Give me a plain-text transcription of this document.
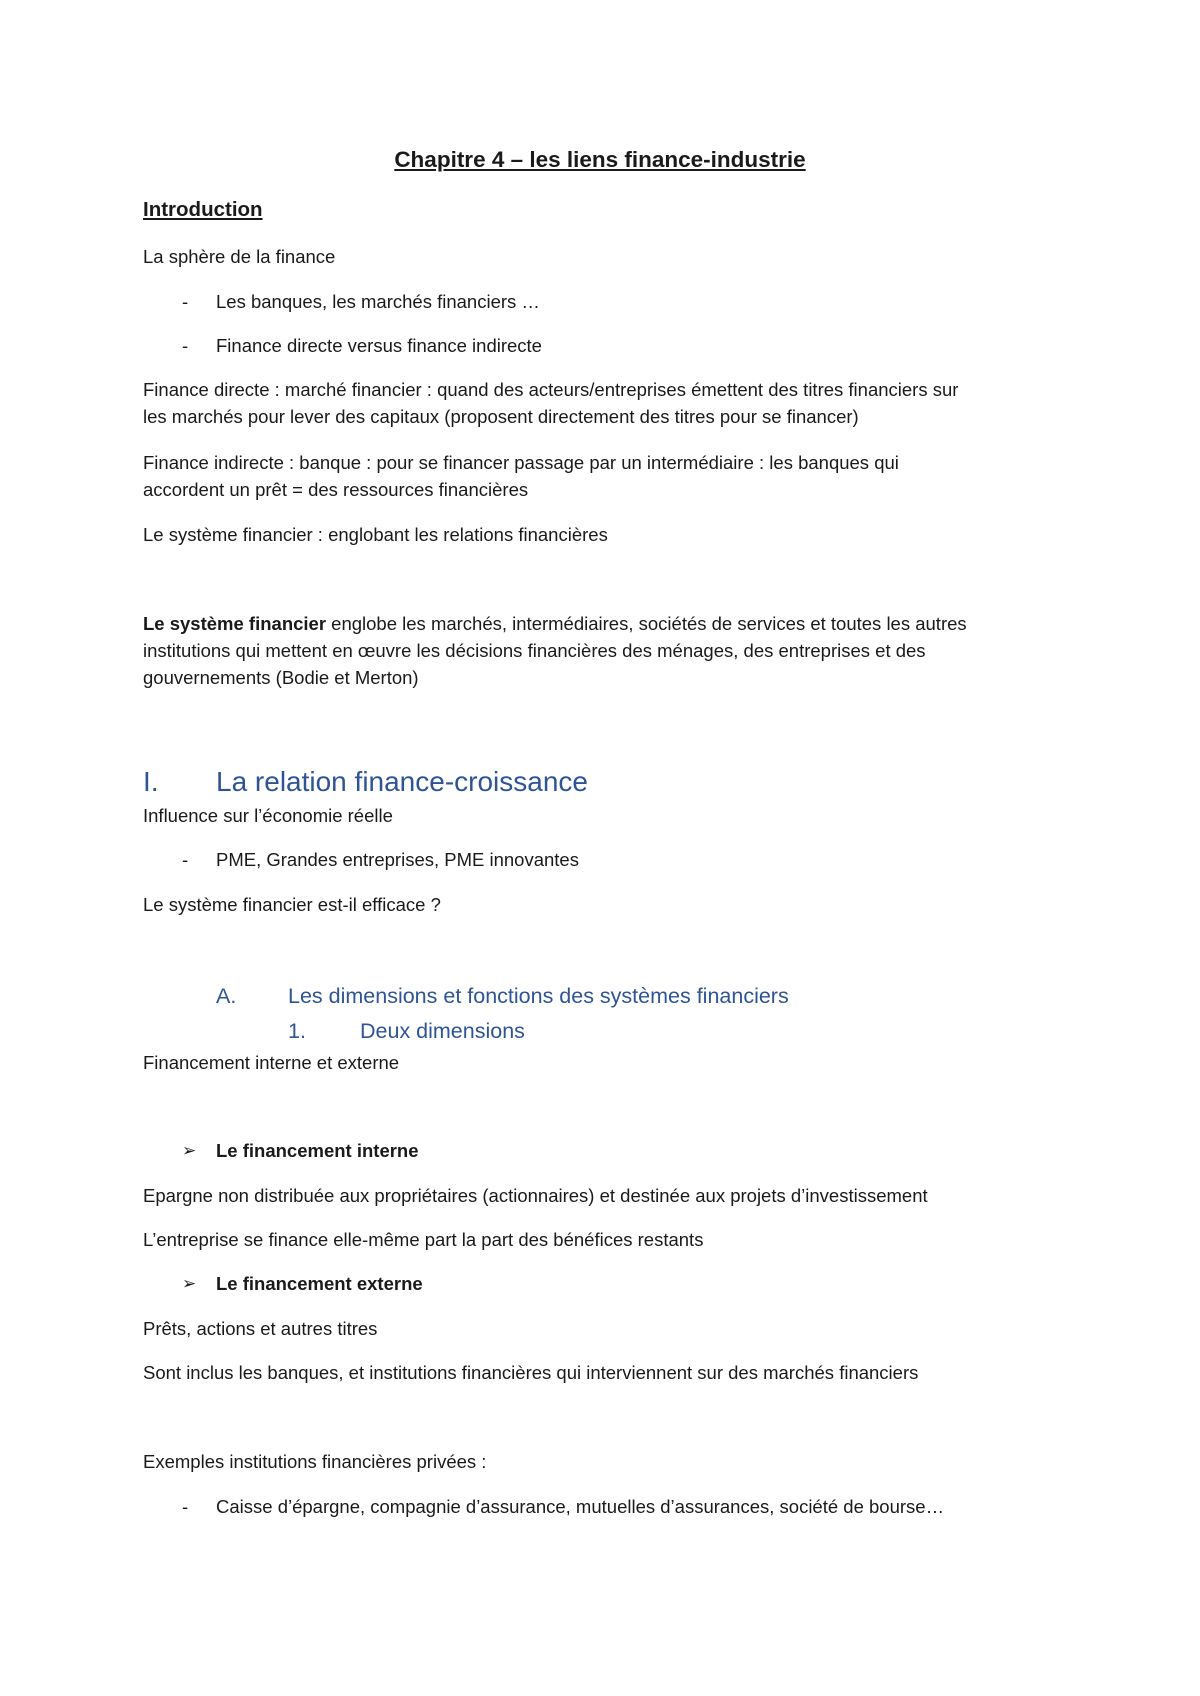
Chapitre 4 – les liens finance-industrie
Introduction
La sphère de la finance
- Les banques, les marchés financiers …
- Finance directe versus finance indirecte
Finance directe : marché financier : quand des acteurs/entreprises émettent des titres financiers sur
les marchés pour lever des capitaux (proposent directement des titres pour se financer)
Finance indirecte : banque : pour se financer passage par un intermédiaire : les banques qui
accordent un prêt = des ressources financières
Le système financier : englobant les relations financières
Le système financier englobe les marchés, intermédiaires, sociétés de services et toutes les autres
institutions qui mettent en œuvre les décisions financières des ménages, des entreprises et des
gouvernements (Bodie et Merton)
I. La relation finance-croissance
Influence sur l’économie réelle
- PME, Grandes entreprises, PME innovantes
Le système financier est-il efficace ?
A. Les dimensions et fonctions des systèmes financiers
1.	Deux dimensions
Financement interne et externe
➢ Le financement interne
Epargne non distribuée aux propriétaires (actionnaires) et destinée aux projets d’investissement
L’entreprise se finance elle-même part la part des bénéfices restants
➢ Le financement externe
Prêts, actions et autres titres
Sont inclus les banques, et institutions financières qui interviennent sur des marchés financiers
Exemples institutions financières privées :
- Caisse d’épargne, compagnie d’assurance, mutuelles d’assurances, société de bourse…
